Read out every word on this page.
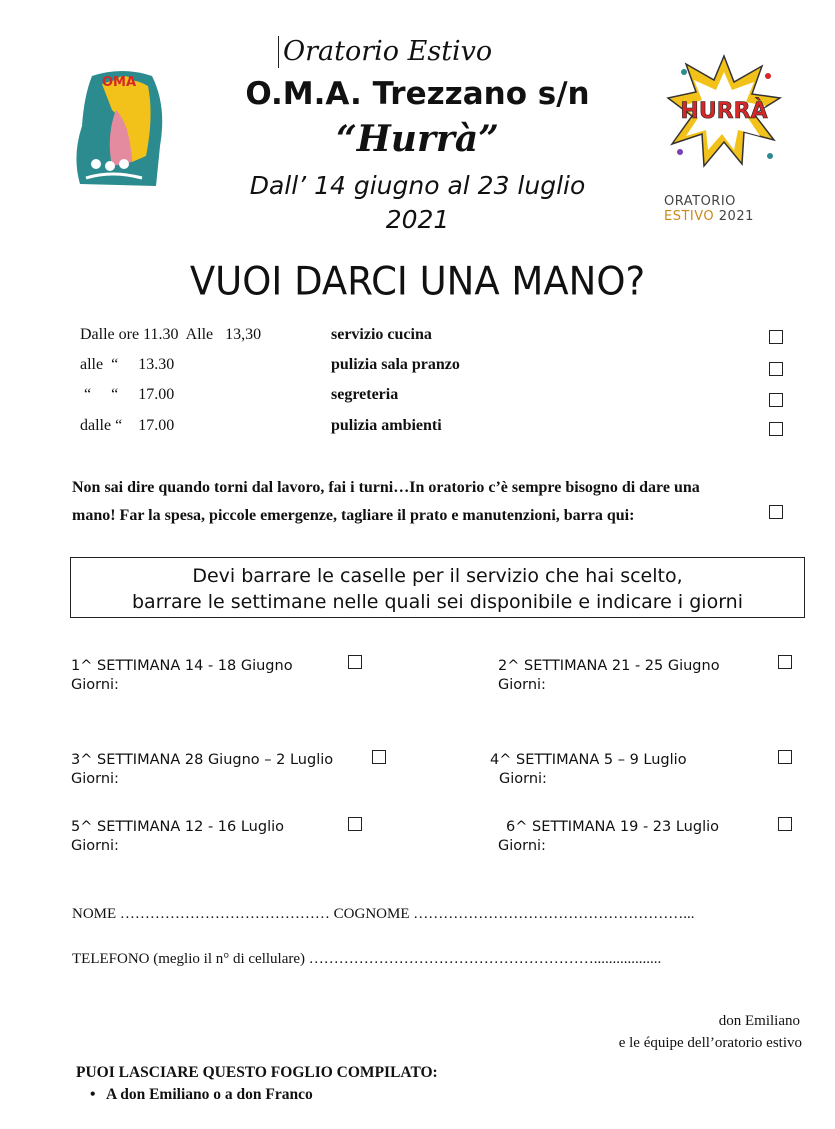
Oratorio Estivo
O.M.A. Trezzano s/n
“Hurrà”
Dall’ 14 giugno al 23 luglio
2021
VUOI DARCI UNA MANO?
OMA
HURRÀ
ORATORIO ESTIVO 2021
Dalle ore 11.30  Alle   13,30	servizio cucina
alle  “     13.30	pulizia sala pranzo
“     “     17.00	segreteria
dalle “    17.00	pulizia ambienti
Non sai dire quando torni dal lavoro, fai i turni…In oratorio c’è sempre bisogno di dare una
mano! Far la spesa, piccole emergenze, tagliare il prato e manutenzioni, barra qui:
Devi barrare le caselle per il servizio che hai scelto,
barrare le settimane nelle quali sei disponibile e indicare i giorni
1^ SETTIMANA 14 - 18 Giugno
Giorni:
2^ SETTIMANA 21 - 25 Giugno
Giorni:
3^ SETTIMANA 28 Giugno – 2 Luglio
Giorni:
4^ SETTIMANA 5 – 9 Luglio
Giorni:
5^ SETTIMANA 12 - 16 Luglio
Giorni:
6^ SETTIMANA 19 - 23 Luglio
Giorni:
NOME …………………………………… COGNOME ………………………………………………...
TELEFONO (meglio il n° di cellulare) …………………………………………………..................
don Emiliano
e le équipe dell’oratorio estivo
PUOI LASCIARE QUESTO FOGLIO COMPILATO:
• A don Emiliano o a don Franco
